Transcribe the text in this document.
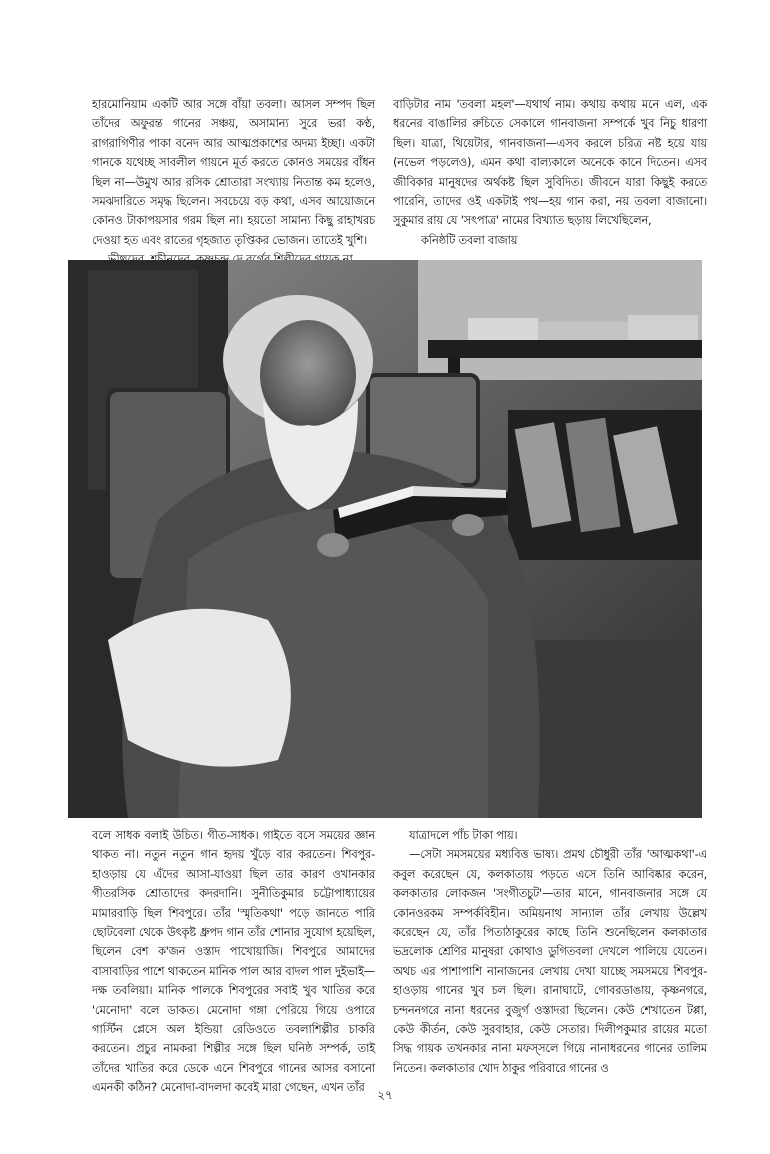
হারমোনিয়াম একটি আর সঙ্গে বাঁয়া তবলা। আসল সম্পদ ছিল তাঁদের অফুরন্ত গানের সঞ্চয়, অসামান্য সুরে ভরা কণ্ঠ, রাগরাগিণীর পাকা বনেদ আর আত্মপ্রকাশের অদম্য ইচ্ছা। একটা গানকে যথেচ্ছ সাবলীল গায়নে মূর্ত করতে কোনও সময়ের বাঁধন ছিল না—উমুখ আর রসিক শ্রোতারা সংখ্যায় নিতান্ত কম হলেও, সমঝদারিতে সমৃদ্ধ ছিলেন। সবচেয়ে বড় কথা, এসব আয়োজনে কোনও টাকাপয়সার গরম ছিল না। হয়তো সামান্য কিছু রাহাখরচ দেওয়া হত এবং রাতের গৃহজাত তৃপ্তিকর ভোজন। তাতেই খুশি।

বাড়িটার নাম 'তবলা মহল'—যথার্থ নাম। কথায় কথায় মনে এল, এক ধরনের বাঙালির রুচিতে সেকালে গানবাজনা সম্পর্কে খুব নিচু ধারণা ছিল। যাত্রা, থিয়েটার, গানবাজনা—এসব করলে চরিত্র নষ্ট হয়ে যায় (নভেল পড়লেও), এমন কথা বাল্যকালে অনেকে কানে দিতেন। এসব জীবিকার মানুষদের অর্থকষ্ট ছিল সুবিদিত। জীবনে যারা কিছুই করতে পারেনি, তাদের ওই একটাই পথ—হয় গান করা, নয় তবলা বাজানো। সুকুমার রায় যে 'সৎপাত্র' নামের বিখ্যাত ছড়ায় লিখেছিলেন,

কনিষ্ঠটি তবলা বাজায়

বলে সাধক বলাই উচিত। গীত-সাধক। গাইতে বসে সময়ের জ্ঞান থাকত না। নতুন নতুন গান হৃদয় খুঁড়ে বার করতেন। শিবপুর-হাওড়ায় যে এঁদের আসা-যাওয়া ছিল তার কারণ ওখানকার গীতরসিক শ্রোতাদের কদরদানি। সুনীতিকুমার চট্টোপাধ্যায়ের মামারবাড়ি ছিল শিবপুরে। তাঁর 'স্মৃতিকথা' পড়ে জানতে পারি ছোটবেলা থেকে উৎকৃষ্ট ধ্রুপদ গান তাঁর শোনার সুযোগ হয়েছিল, ছিলেন বেশ ক'জন ওস্তাদ পাখোয়াজি। শিবপুরে আমাদের বাসাবাড়ির পাশে থাকতেন মানিক পাল আর বাদল পাল দুইভাই—দক্ষ তবলিয়া। মানিক পালকে শিবপুরের সবাই খুব খাতির করে 'মেনোদা' বলে ডাকত। মেনোদা গঙ্গা পেরিয়ে গিয়ে ওপারে গার্স্টিন প্লেসে অল ইন্ডিয়া রেডিওতে তবলাশিল্পীর চাকরি করতেন। প্রচুর নামকরা শিল্পীর সঙ্গে ছিল ঘনিষ্ঠ সম্পর্ক, তাই তাঁদের খাতির করে ডেকে এনে শিবপুরে গানের আসর বসানো এমনকী কঠিন? মেনোদা-বাদলদা কবেই মারা গেছেন, এখন তাঁর

যাত্রাদলে পাঁচ টাকা পায়।

—সেটা সমসময়ের মধ্যবিত্ত ভাষ্য। প্রমথ চৌধুরী তাঁর 'আত্মকথা'-এ কবুল করেছেন যে, কলকাতায় পড়তে এসে তিনি আবিষ্কার করেন, কলকাতার লোকজন 'সংগীতচুট'—তার মানে, গানবাজনার সঙ্গে যে কোনওরকম সম্পর্কবিহীন। অমিয়নাথ সান্যাল তাঁর লেখায় উল্লেখ করেছেন যে, তাঁর পিতাঠাকুরের কাছে তিনি শুনেছিলেন কলকাতার ভদ্রলোক শ্রেণির মানুষরা কোথাও ডুগিতবলা দেখলে পালিয়ে যেতেন। অথচ এর পাশাপাশি নানাজনের লেখায় দেখা যাচ্ছে সমসময়ে শিবপুর-হাওড়ায় গানের খুব চল ছিল। রানাঘাটে, গোবরডাঙায়, কৃষ্ণনগরে, চন্দননগরে নানা ধরনের বুজুর্গ ওস্তাদরা ছিলেন। কেউ শেখাতেন টপ্পা, কেউ কীর্তন, কেউ সুরবাহার, কেউ সেতার। দিলীপকুমার রায়ের মতো সিদ্ধ গায়ক তখনকার নানা মফস্সলে গিয়ে নানাধরনের গানের তালিম নিতেন। কলকাতার খোদ ঠাকুর পরিবারে গানের ও

২৭
